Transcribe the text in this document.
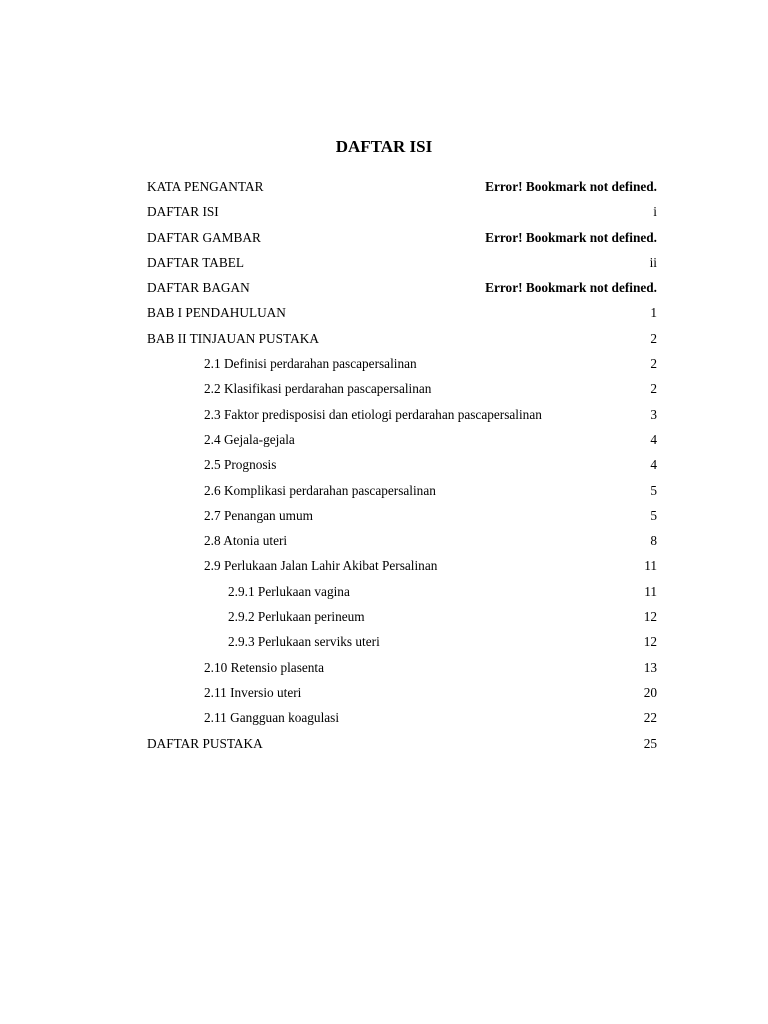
DAFTAR ISI
KATA PENGANTAR .....	Error! Bookmark not defined.
DAFTAR ISI .....	i
DAFTAR GAMBAR .....	Error! Bookmark not defined.
DAFTAR TABEL .....	ii
DAFTAR BAGAN .....	Error! Bookmark not defined.
BAB I PENDAHULUAN .....	1
BAB II TINJAUAN PUSTAKA .....	2
2.1 Definisi perdarahan pascapersalinan .....	2
2.2 Klasifikasi perdarahan pascapersalinan .....	2
2.3 Faktor predisposisi dan etiologi perdarahan pascapersalinan .....	3
2.4 Gejala-gejala .....	4
2.5 Prognosis .....	4
2.6 Komplikasi perdarahan pascapersalinan .....	5
2.7 Penangan umum .....	5
2.8 Atonia uteri .....	8
2.9 Perlukaan Jalan Lahir Akibat Persalinan .....	11
2.9.1 Perlukaan vagina .....	11
2.9.2 Perlukaan perineum .....	12
2.9.3 Perlukaan serviks uteri .....	12
2.10 Retensio plasenta .....	13
2.11 Inversio uteri .....	20
2.11 Gangguan koagulasi .....	22
DAFTAR PUSTAKA .....	25
